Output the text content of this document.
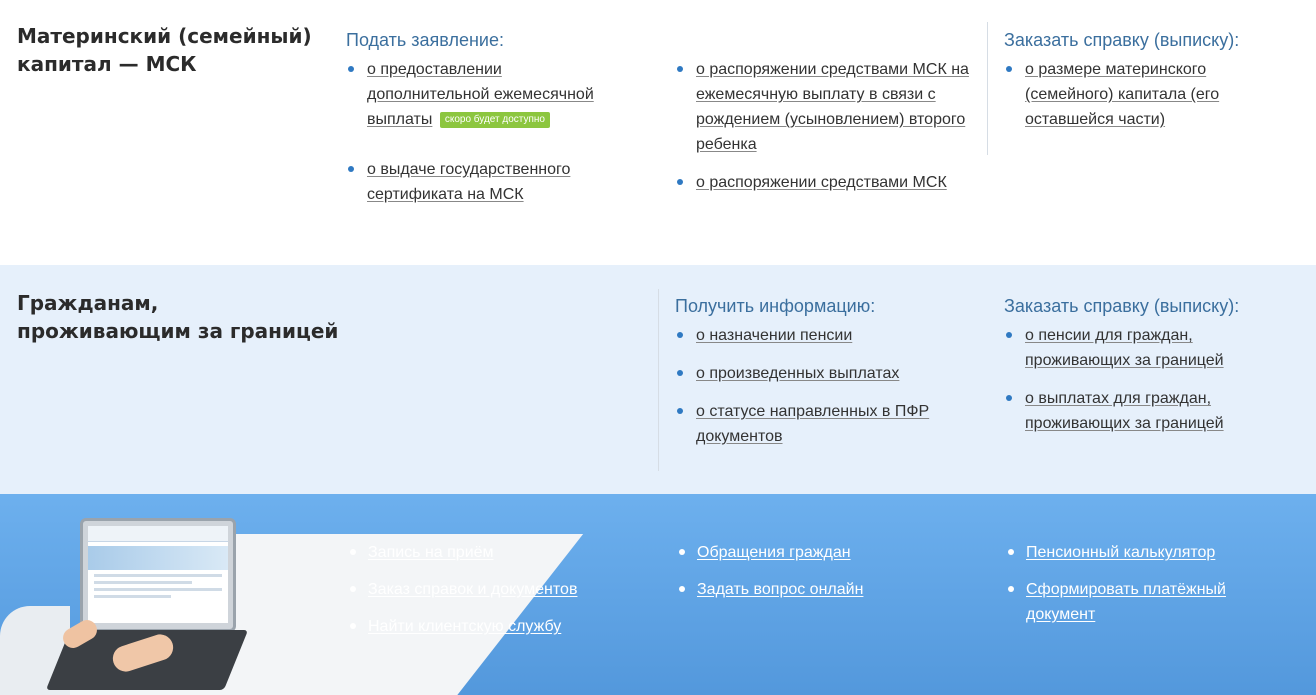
Материнский (семейный)
капитал — МСК
Подать заявление:
о предоставлении дополнительной ежемесячной выплаты скоро будет доступно
о выдаче государственного сертификата на МСК
о распоряжении средствами МСК на ежемесячную выплату в связи с рождением (усыновлением) второго ребенка
о распоряжении средствами МСК
Заказать справку (выписку):
о размере материнского (семейного) капитала (его оставшейся части)
Гражданам,
проживающим за границей
Получить информацию:
о назначении пенсии
о произведенных выплатах
о статусе направленных в ПФР документов
Заказать справку (выписку):
о пенсии для граждан, проживающих за границей
о выплатах для граждан, проживающих за границей
Запись на приём
Заказ справок и документов
Найти клиентскую службу
Обращения граждан
Задать вопрос онлайн
Пенсионный калькулятор
Сформировать платёжный документ
